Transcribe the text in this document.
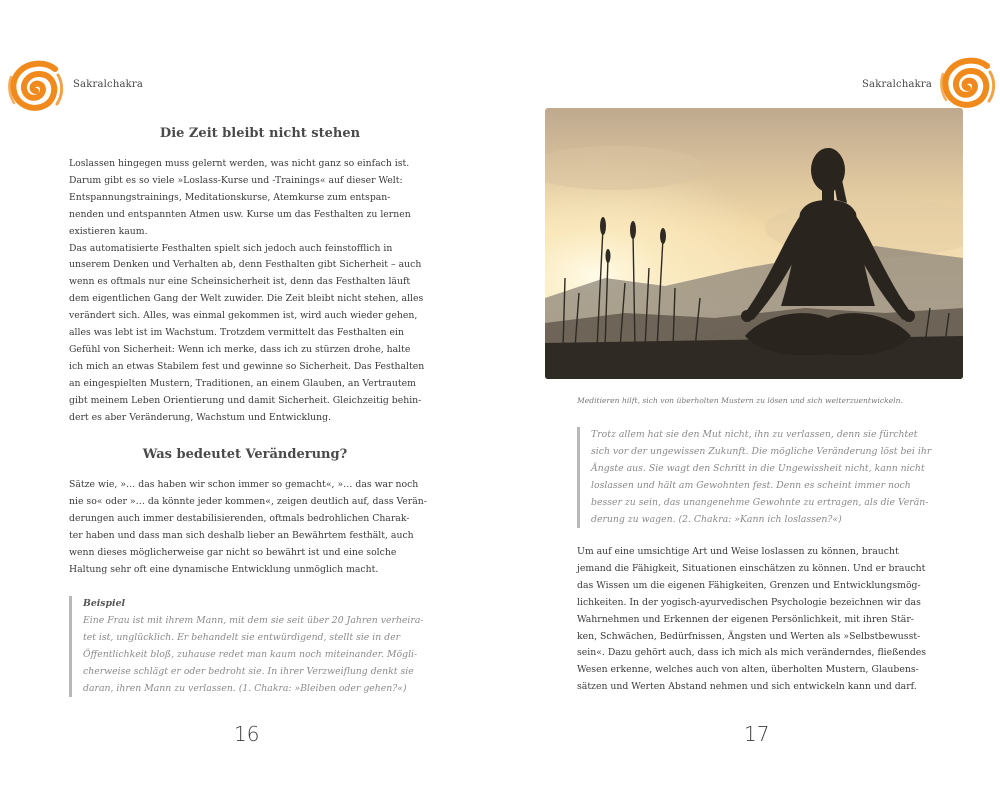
Sakralchakra
Die Zeit bleibt nicht stehen
Loslassen hingegen muss gelernt werden, was nicht ganz so einfach ist.
Darum gibt es so viele »Loslass-Kurse und -Trainings« auf dieser Welt:
Entspannungstrainings, Meditationskurse, Atemkurse zum entspan-
nenden und entspannten Atmen usw. Kurse um das Festhalten zu lernen
existieren kaum.
Das automatisierte Festhalten spielt sich jedoch auch feinstofflich in
unserem Denken und Verhalten ab, denn Festhalten gibt Sicherheit – auch
wenn es oftmals nur eine Scheinsicherheit ist, denn das Festhalten läuft
dem eigentlichen Gang der Welt zuwider. Die Zeit bleibt nicht stehen, alles
verändert sich. Alles, was einmal gekommen ist, wird auch wieder gehen,
alles was lebt ist im Wachstum. Trotzdem vermittelt das Festhalten ein
Gefühl von Sicherheit: Wenn ich merke, dass ich zu stürzen drohe, halte
ich mich an etwas Stabilem fest und gewinne so Sicherheit. Das Festhalten
an eingespielten Mustern, Traditionen, an einem Glauben, an Vertrautem
gibt meinem Leben Orientierung und damit Sicherheit. Gleichzeitig behin-
dert es aber Veränderung, Wachstum und Entwicklung.
Was bedeutet Veränderung?
Sätze wie, »… das haben wir schon immer so gemacht«, »… das war noch
nie so« oder »… da könnte jeder kommen«, zeigen deutlich auf, dass Verän-
derungen auch immer destabilisierenden, oftmals bedrohlichen Charak-
ter haben und dass man sich deshalb lieber an Bewährtem festhält, auch
wenn dieses möglicherweise gar nicht so bewährt ist und eine solche
Haltung sehr oft eine dynamische Entwicklung unmöglich macht.
Beispiel
Eine Frau ist mit ihrem Mann, mit dem sie seit über 20 Jahren verheira-
tet ist, unglücklich. Er behandelt sie entwürdigend, stellt sie in der
Öffentlichkeit bloß, zuhause redet man kaum noch miteinander. Mögli-
cherweise schlägt er oder bedroht sie. In ihrer Verzweiflung denkt sie
daran, ihren Mann zu verlassen. (1. Chakra: »Bleiben oder gehen?«)
16
Sakralchakra
Meditieren hilft, sich von überholten Mustern zu lösen und sich weiterzuentwickeln.
Trotz allem hat sie den Mut nicht, ihn zu verlassen, denn sie fürchtet
sich vor der ungewissen Zukunft. Die mögliche Veränderung löst bei ihr
Ängste aus. Sie wagt den Schritt in die Ungewissheit nicht, kann nicht
loslassen und hält am Gewohnten fest. Denn es scheint immer noch
besser zu sein, das unangenehme Gewohnte zu ertragen, als die Verän-
derung zu wagen. (2. Chakra: »Kann ich loslassen?«)
Um auf eine umsichtige Art und Weise loslassen zu können, braucht
jemand die Fähigkeit, Situationen einschätzen zu können. Und er braucht
das Wissen um die eigenen Fähigkeiten, Grenzen und Entwicklungsmög-
lichkeiten. In der yogisch-ayurvedischen Psychologie bezeichnen wir das
Wahrnehmen und Erkennen der eigenen Persönlichkeit, mit ihren Stär-
ken, Schwächen, Bedürfnissen, Ängsten und Werten als »Selbstbewusst-
sein«. Dazu gehört auch, dass ich mich als mich veränderndes, fließendes
Wesen erkenne, welches auch von alten, überholten Mustern, Glaubens-
sätzen und Werten Abstand nehmen und sich entwickeln kann und darf.
17
